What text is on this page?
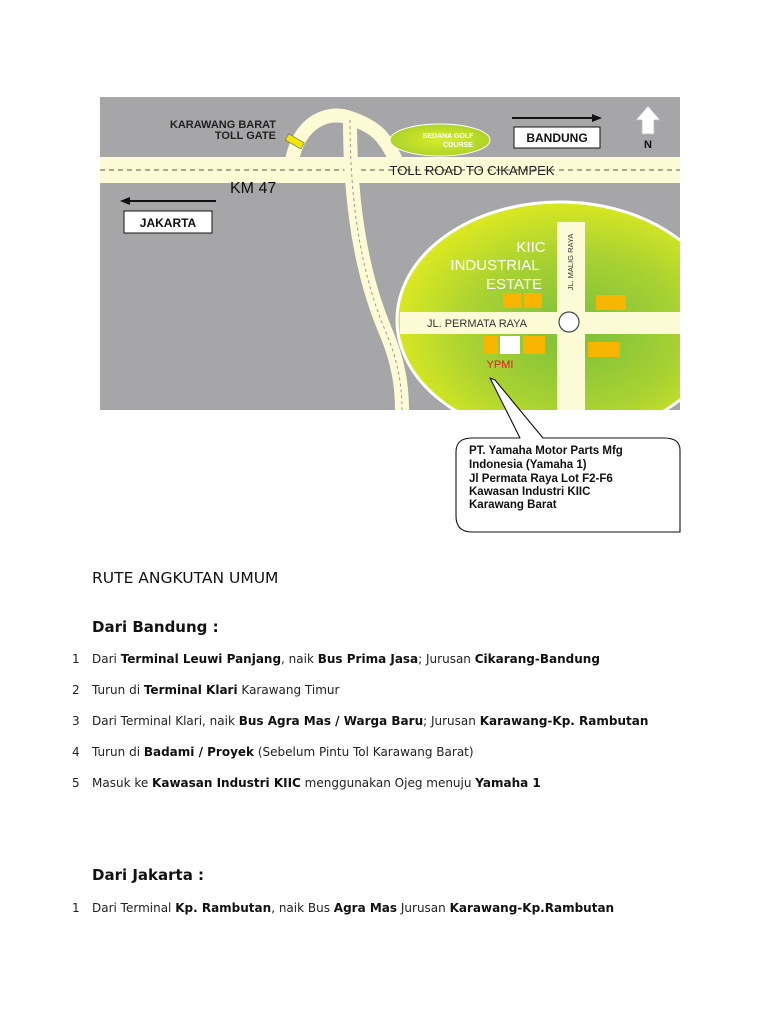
SEDANA GOLF
COURSE
KARAWANG BARAT
TOLL GATE	BANDUNG	N
TOLL ROAD TO CIKAMPEK
KM 47
JAKARTA
KIIC
INDUSTRIAL
ESTATE	JL. MALIG RAYA
JL. PERMATA RAYA
YPMI
PT. Yamaha Motor Parts Mfg
Indonesia (Yamaha 1)
Jl Permata Raya Lot F2-F6
Kawasan Industri KIIC
Karawang Barat
RUTE ANGKUTAN UMUM
Dari Bandung :
1 Dari Terminal Leuwi Panjang, naik Bus Prima Jasa; Jurusan Cikarang-Bandung
2 Turun di Terminal Klari Karawang Timur
3 Dari Terminal Klari, naik Bus Agra Mas / Warga Baru; Jurusan Karawang-Kp. Rambutan
4 Turun di Badami / Proyek (Sebelum Pintu Tol Karawang Barat)
5 Masuk ke Kawasan Industri KIIC menggunakan Ojeg menuju Yamaha 1
Dari Jakarta :
1 Dari Terminal Kp. Rambutan, naik Bus Agra Mas Jurusan Karawang-Kp.Rambutan
